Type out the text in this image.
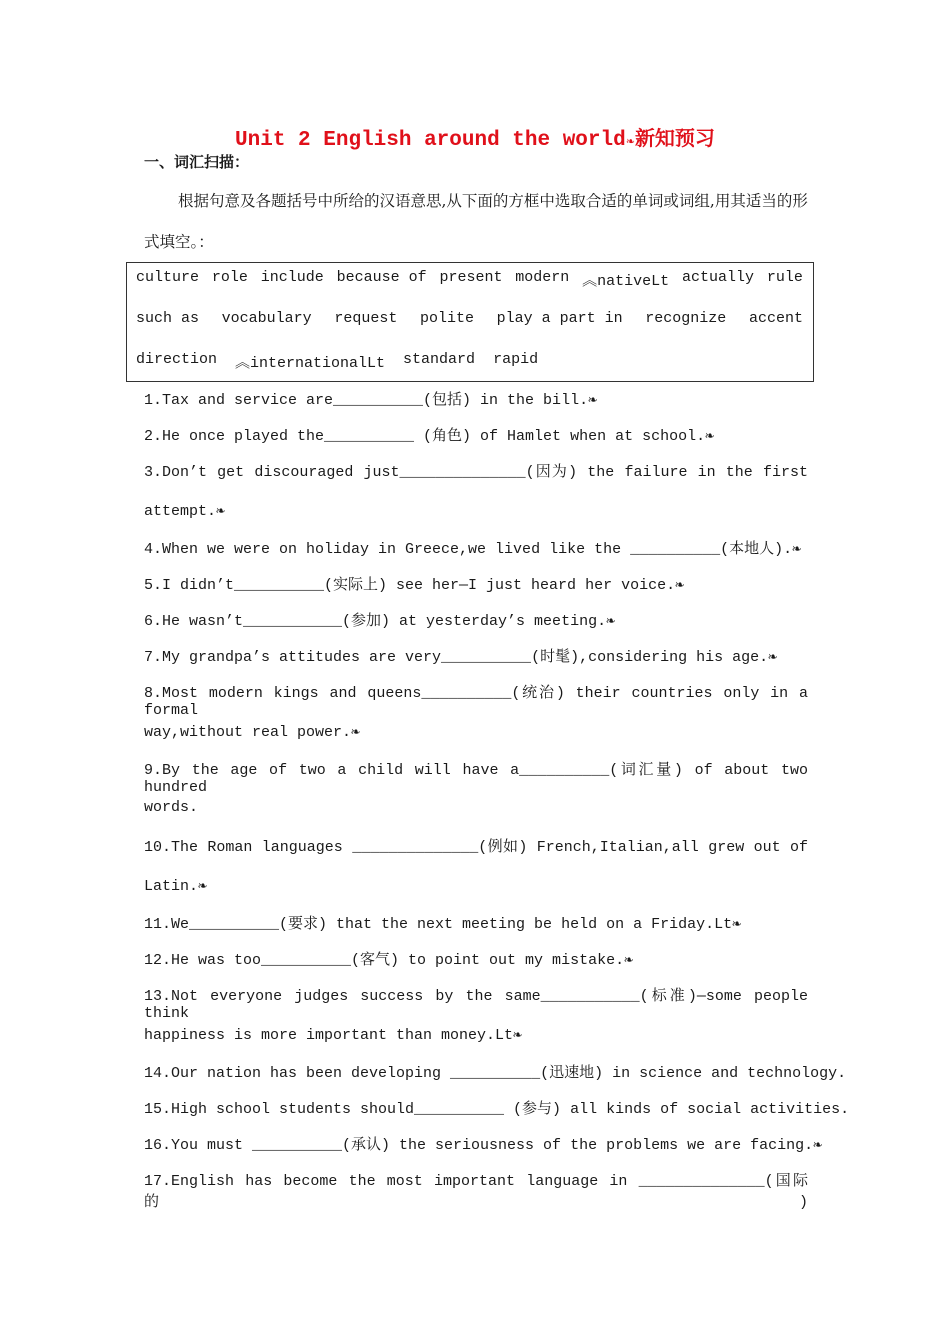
Unit 2 English around the world❧新知预习
一、词汇扫描：
根据句意及各题括号中所给的汉语意思,从下面的方框中选取合适的单词或词组,用其适当的形式填空。：
culture role include because of present modern ︽nativeLt actually rule
such as vocabulary request polite play a part in recognize accent
direction ︽internationalLt standard rapid
1.Tax and service are__________(包括) in the bill.❧
2.He once played the__________ (角色) of Hamlet when at school.❧
3.Don’t get discouraged just______________(因为) the failure in the first
attempt.❧
4.When we were on holiday in Greece,we lived like the __________(本地人).❧
5.I didn’t__________(实际上) see her—I just heard her voice.❧
6.He wasn’t___________(参加) at yesterday’s meeting.❧
7.My grandpa’s attitudes are very__________(时髦),considering his age.❧
8.Most modern kings and queens__________(统治) their countries only in a formal
way,without real power.❧
9.By the age of two a child will have a__________(词汇量) of about two hundred
words.
10.The Roman languages ______________(例如) French,Italian,all grew out of
Latin.❧
11.We__________(要求) that the next meeting be held on a Friday.Lt❧
12.He was too__________(客气) to point out my mistake.❧
13.Not everyone judges success by the same___________(标准)—some people think
happiness is more important than money.Lt❧
14.Our nation has been developing __________(迅速地) in science and technology.
15.High school students should__________ (参与) all kinds of social activities.
16.You must __________(承认) the seriousness of the problems we are facing.❧
17.English has become the most important language in ______________(国际的)
